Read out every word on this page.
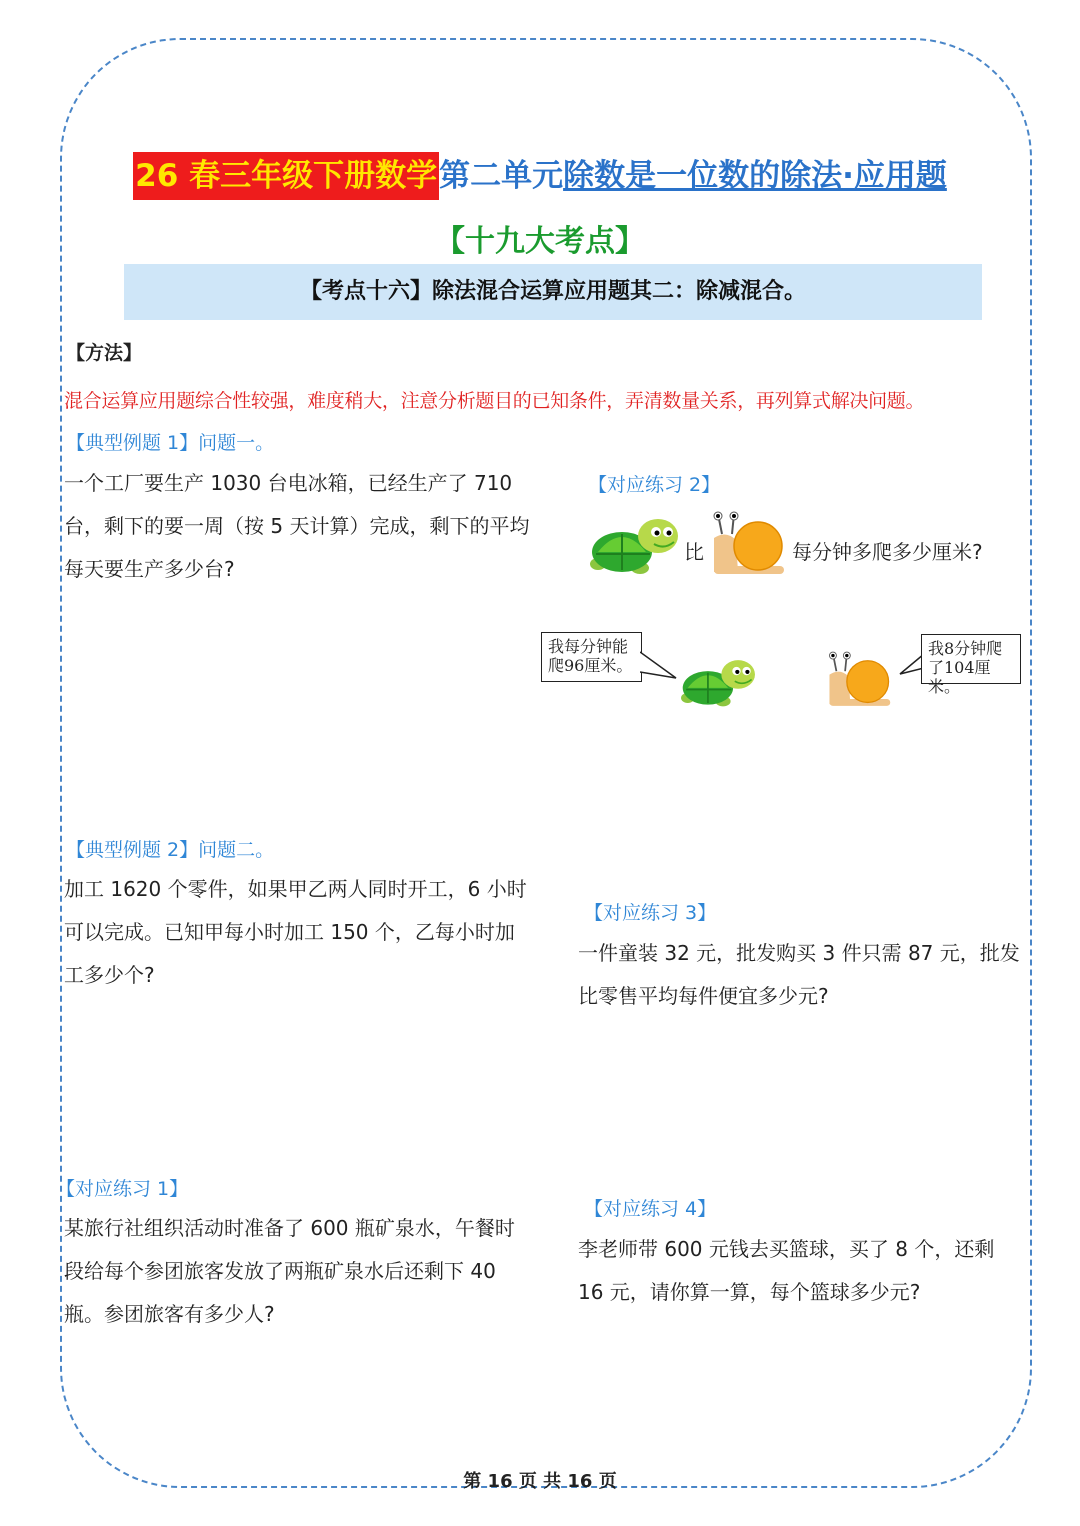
26 春三年级下册数学第二单元除数是一位数的除法·应用题
【十九大考点】
【考点十六】除法混合运算应用题其二：除减混合。
【方法】
混合运算应用题综合性较强，难度稍大，注意分析题目的已知条件，弄清数量关系，再列算式解决问题。
【典型例题 1】问题一。
一个工厂要生产 1030 台电冰箱，已经生产了 710 台，剩下的要一周（按 5 天计算）完成，剩下的平均每天要生产多少台?
【对应练习 2】
比	每分钟多爬多少厘米?
我每分钟能爬96厘米。
我8分钟爬了104厘米。
【典型例题 2】问题二。
加工 1620 个零件，如果甲乙两人同时开工，6 小时可以完成。已知甲每小时加工 150 个，乙每小时加工多少个?
【对应练习 3】
一件童装 32 元，批发购买 3 件只需 87 元，批发比零售平均每件便宜多少元?
【对应练习 1】
某旅行社组织活动时准备了 600 瓶矿泉水，午餐时段给每个参团旅客发放了两瓶矿泉水后还剩下 40 瓶。参团旅客有多少人?
【对应练习 4】
李老师带 600 元钱去买篮球，买了 8 个，还剩 16 元，请你算一算，每个篮球多少元?
第 16 页 共 16 页
